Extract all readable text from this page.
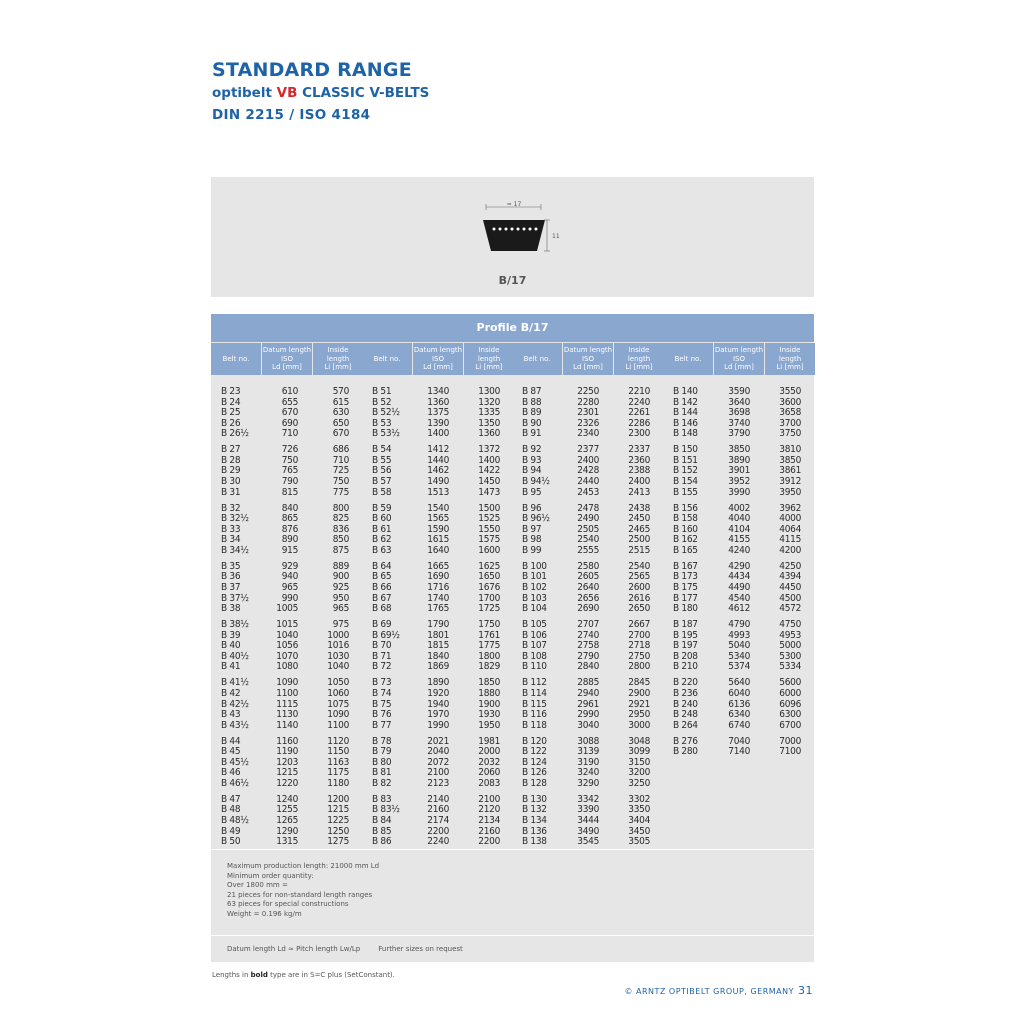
STANDARD RANGE
optibelt VB CLASSIC V-BELTS
DIN 2215 / ISO 4184
≈ 17
11
B/17
Profile B/17
Belt no.
Datum length
ISO
Ld [mm]
Inside
length
Li [mm]
Belt no.
Datum length
ISO
Ld [mm]
Inside
length
Li [mm]
Belt no.
Datum length
ISO
Ld [mm]
Inside
length
Li [mm]
Belt no.
Datum length
ISO
Ld [mm]
Inside
length
Li [mm]
B 23
B 24
B 25
B 26
B 26½
B 27
B 28
B 29
B 30
B 31
B 32
B 32½
B 33
B 34
B 34½
B 35
B 36
B 37
B 37½
B 38
B 38½
B 39
B 40
B 40½
B 41
B 41½
B 42
B 42½
B 43
B 43½
B 44
B 45
B 45½
B 46
B 46½
B 47
B 48
B 48½
B 49
B 50
610
655
670
690
710
726
750
765
790
815
840
865
876
890
915
929
940
965
990
1005
1015
1040
1056
1070
1080
1090
1100
1115
1130
1140
1160
1190
1203
1215
1220
1240
1255
1265
1290
1315
570
615
630
650
670
686
710
725
750
775
800
825
836
850
875
889
900
925
950
965
975
1000
1016
1030
1040
1050
1060
1075
1090
1100
1120
1150
1163
1175
1180
1200
1215
1225
1250
1275
B 51
B 52
B 52½
B 53
B 53½
B 54
B 55
B 56
B 57
B 58
B 59
B 60
B 61
B 62
B 63
B 64
B 65
B 66
B 67
B 68
B 69
B 69½
B 70
B 71
B 72
B 73
B 74
B 75
B 76
B 77
B 78
B 79
B 80
B 81
B 82
B 83
B 83½
B 84
B 85
B 86
1340
1360
1375
1390
1400
1412
1440
1462
1490
1513
1540
1565
1590
1615
1640
1665
1690
1716
1740
1765
1790
1801
1815
1840
1869
1890
1920
1940
1970
1990
2021
2040
2072
2100
2123
2140
2160
2174
2200
2240
1300
1320
1335
1350
1360
1372
1400
1422
1450
1473
1500
1525
1550
1575
1600
1625
1650
1676
1700
1725
1750
1761
1775
1800
1829
1850
1880
1900
1930
1950
1981
2000
2032
2060
2083
2100
2120
2134
2160
2200
B 87
B 88
B 89
B 90
B 91
B 92
B 93
B 94
B 94½
B 95
B 96
B 96½
B 97
B 98
B 99
B 100
B 101
B 102
B 103
B 104
B 105
B 106
B 107
B 108
B 110
B 112
B 114
B 115
B 116
B 118
B 120
B 122
B 124
B 126
B 128
B 130
B 132
B 134
B 136
B 138
2250
2280
2301
2326
2340
2377
2400
2428
2440
2453
2478
2490
2505
2540
2555
2580
2605
2640
2656
2690
2707
2740
2758
2790
2840
2885
2940
2961
2990
3040
3088
3139
3190
3240
3290
3342
3390
3444
3490
3545
2210
2240
2261
2286
2300
2337
2360
2388
2400
2413
2438
2450
2465
2500
2515
2540
2565
2600
2616
2650
2667
2700
2718
2750
2800
2845
2900
2921
2950
3000
3048
3099
3150
3200
3250
3302
3350
3404
3450
3505
B 140
B 142
B 144
B 146
B 148
B 150
B 151
B 152
B 154
B 155
B 156
B 158
B 160
B 162
B 165
B 167
B 173
B 175
B 177
B 180
B 187
B 195
B 197
B 208
B 210
B 220
B 236
B 240
B 248
B 264
B 276
B 280
3590
3640
3698
3740
3790
3850
3890
3901
3952
3990
4002
4040
4104
4155
4240
4290
4434
4490
4540
4612
4790
4993
5040
5340
5374
5640
6040
6136
6340
6740
7040
7140
3550
3600
3658
3700
3750
3810
3850
3861
3912
3950
3962
4000
4064
4115
4200
4250
4394
4450
4500
4572
4750
4953
5000
5300
5334
5600
6000
6096
6300
6700
7000
7100
Maximum production length: 21000 mm Ld
Minimum order quantity:
Over 1800 mm =
21 pieces for non-standard length ranges
63 pieces for special constructions
Weight = 0.196 kg/m
Datum length Ld ≈ Pitch length Lw/Lp	Further sizes on request
Lengths in bold type are in S=C plus (SetConstant).
© ARNTZ OPTIBELT GROUP, GERMANY 31
